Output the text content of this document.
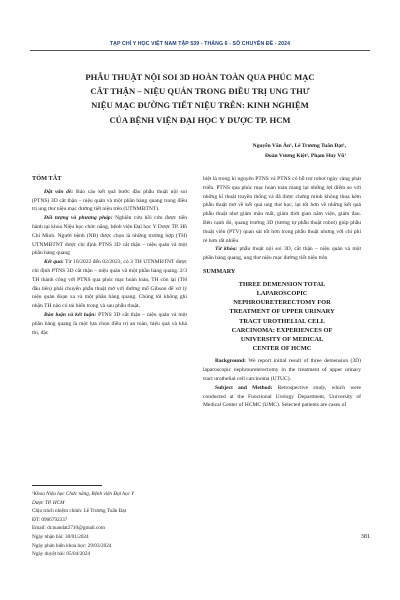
TẠP CHÍ Y HỌC VIỆT NAM TẬP 539 - THÁNG 6 - SỐ CHUYÊN ĐỀ - 2024
PHẪU THUẬT NỘI SOI 3D HOÀN TOÀN QUA PHÚC MẠC
CẮT THẬN – NIỆU QUẢN TRONG ĐIỀU TRỊ UNG THƯ
NIỆU MẠC ĐƯỜNG TIẾT NIỆU TRÊN: KINH NGHIỆM
CỦA BỆNH VIỆN ĐẠI HỌC Y DƯỢC TP. HCM
Nguyễn Văn Ân¹, Lê Trương Tuấn Đạt¹,
Đoàn Vương Kiệt¹, Phạm Huy Vũ¹

TÓM TẮT

Đặt vấn đề: Báo cáo kết quả bước đầu phẫu thuật nội soi (PTNS) 3D cắt thận – niệu quản và một phần bàng quang trong điều trị ung thư niệu mạc đường tiết niệu trên (UTNMĐTNT).

Đối tượng và phương pháp: Nghiên cứu hồi cứu được tiến hành tại khoa Niệu học chức năng, bệnh viện Đại học Y Dược TP. Hồ Chí Minh. Người bệnh (NB) được chọn là những trường hợp (TH) UTNMĐTNT được chỉ định PTNS 3D cắt thận – niệu quản và một phần bàng quang

Kết quả: Từ 10/2022 đến 02/2023, có 3 TH UTNMĐTNT được chỉ định PTNS 3D cắt thận – niệu quản và một phần bàng quang. 2/3 TH thành công với PTNS qua phúc mạc hoàn toàn, TH còn lại (TH đầu tiên) phải chuyển phẫu thuật mở với đường mổ Gibson để xử lý niệu quản đoạn xa và một phần bàng quang. Chúng tôi không ghi nhận TH nào có tai biến trong và sau phẫu thuật.

Bàn luận và kết luận: PTNS 3D cắt thận – niệu quản và một phần bàng quang là một lựa chọn điều trị an toàn, hiệu quả và khả thi, đặc

¹Khoa Niệu học Chức năng, Bệnh viện Đại học Y
Dược TP. HCM
Chịu trách nhiệm chính: Lê Trương Tuấn Đạt
ĐT: 0906792337
Email: dr.tuandat2710@gmail.com
Ngày nhận bài: 30/01/2024
Ngày phản biện khoa học: 29/03/2024
Ngày duyệt bài: 05/04/2024

biệt là trong kỉ nguyên PTNS và PTNS có hỗ trợ robot ngày càng phát triển. PTNS qua phúc mạc hoàn toàn mang lại những lợi điểm so với những kĩ thuật truyền thống và đã được chứng minh không thua kém phẫu thuật mở về kết quả ung thư học, lại tốt hơn về những kết quả phẫu thuật như giảm máu mất, giảm thời gian nằm viện, giảm đau. Bên cạnh đó, quang trường 3D (tương tự phẫu thuật robot) giúp phẫu thuật viên (PTV) quan sát tốt hơn trong phẫu thuật nhưng với chi phí rẻ hơn rất nhiều

Từ khóa: phẫu thuật nội soi 3D, cắt thận – niệu quản và một phần bàng quang, ung thư niệu mạc đường tiết niệu trên

SUMMARY

THREE DEMENSION TOTAL
LAPAROSCOPIC
NEPHROURETERECTOMY FOR
TREATMENT OF UPPER URINARY
TRACT UROTHELIAL CELL
CARCINOMA: EXPERIENCES OF
UNIVERSITY OF MEDICAL
CENTER OF HCMC

Background: We report initial result of three demension (3D) laparoscopic nephroureterectomy in the treatment of upper urinary tract urothelial cell carcinoma (UTUC).

Subject and Method: Retrospective study, which were conducted at the Functional Urology Department, University of Medical Center of HCMC (UMC). Selected patients are cases of

381
